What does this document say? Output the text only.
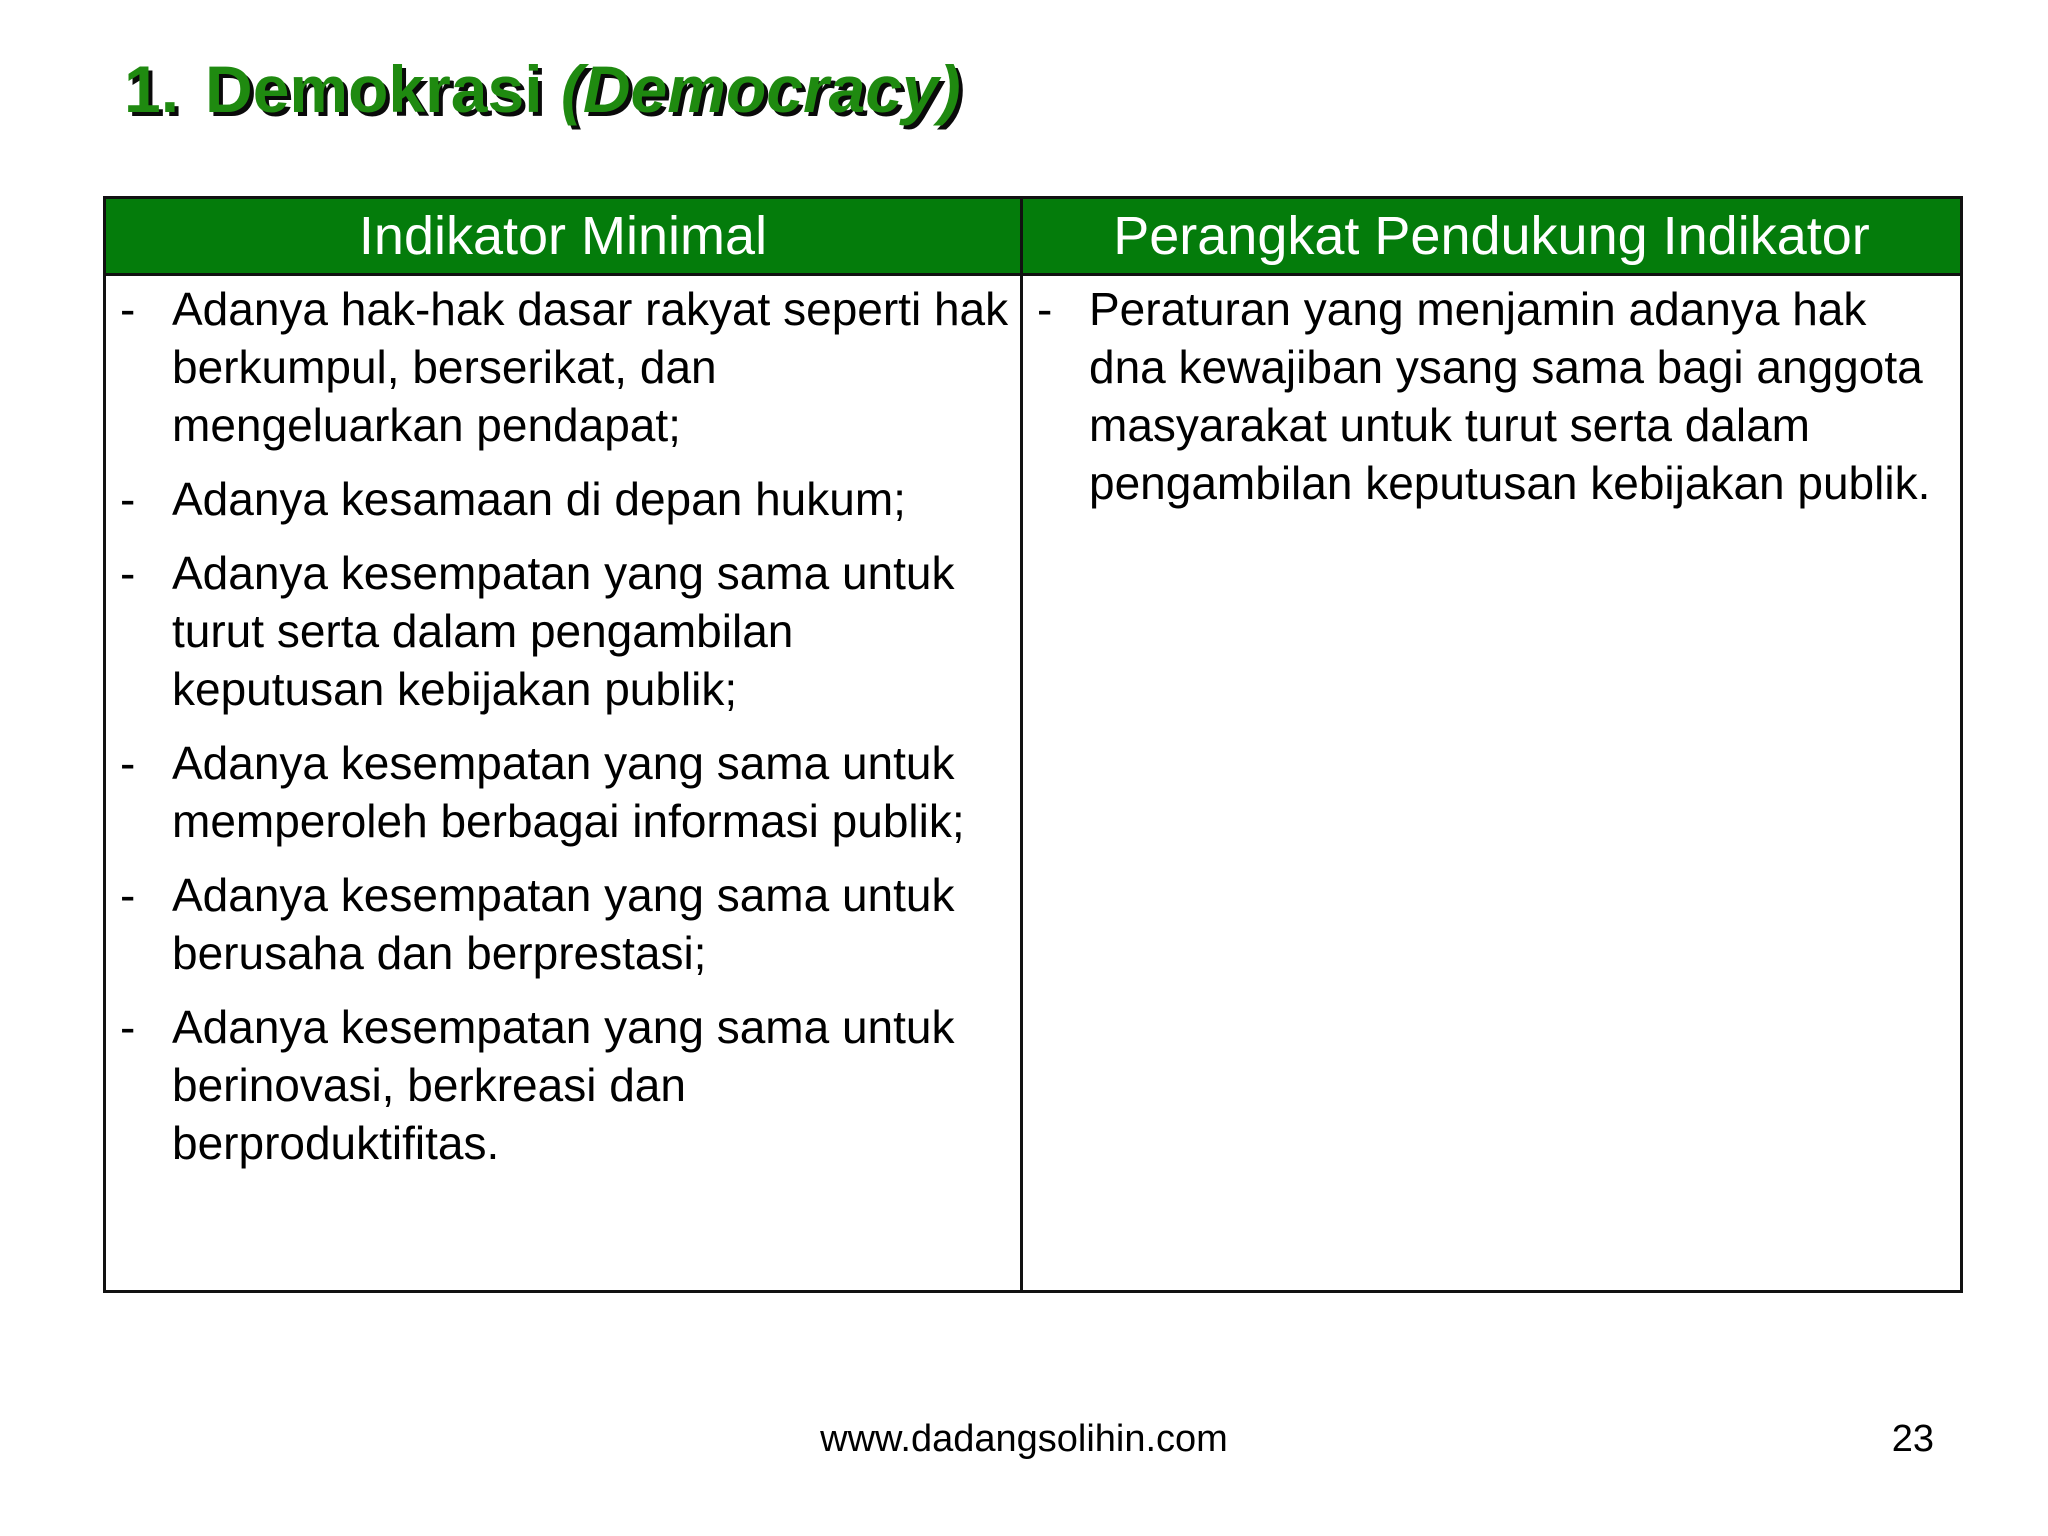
1. Demokrasi (Democracy)
Indikator Minimal	Perangkat Pendukung Indikator
- Adanya hak-hak dasar rakyat seperti hak berkumpul, berserikat, dan mengeluarkan pendapat;
- Adanya kesamaan di depan hukum;
- Adanya kesempatan yang sama untuk turut serta dalam pengambilan keputusan kebijakan publik;
- Adanya kesempatan yang sama untuk memperoleh berbagai informasi publik;
- Adanya kesempatan yang sama untuk berusaha dan berprestasi;
- Adanya kesempatan yang sama untuk berinovasi, berkreasi dan berproduktifitas.
- Peraturan yang menjamin adanya hak dna kewajiban ysang sama bagi anggota masyarakat untuk turut serta dalam pengambilan keputusan kebijakan publik.
www.dadangsolihin.com	23
